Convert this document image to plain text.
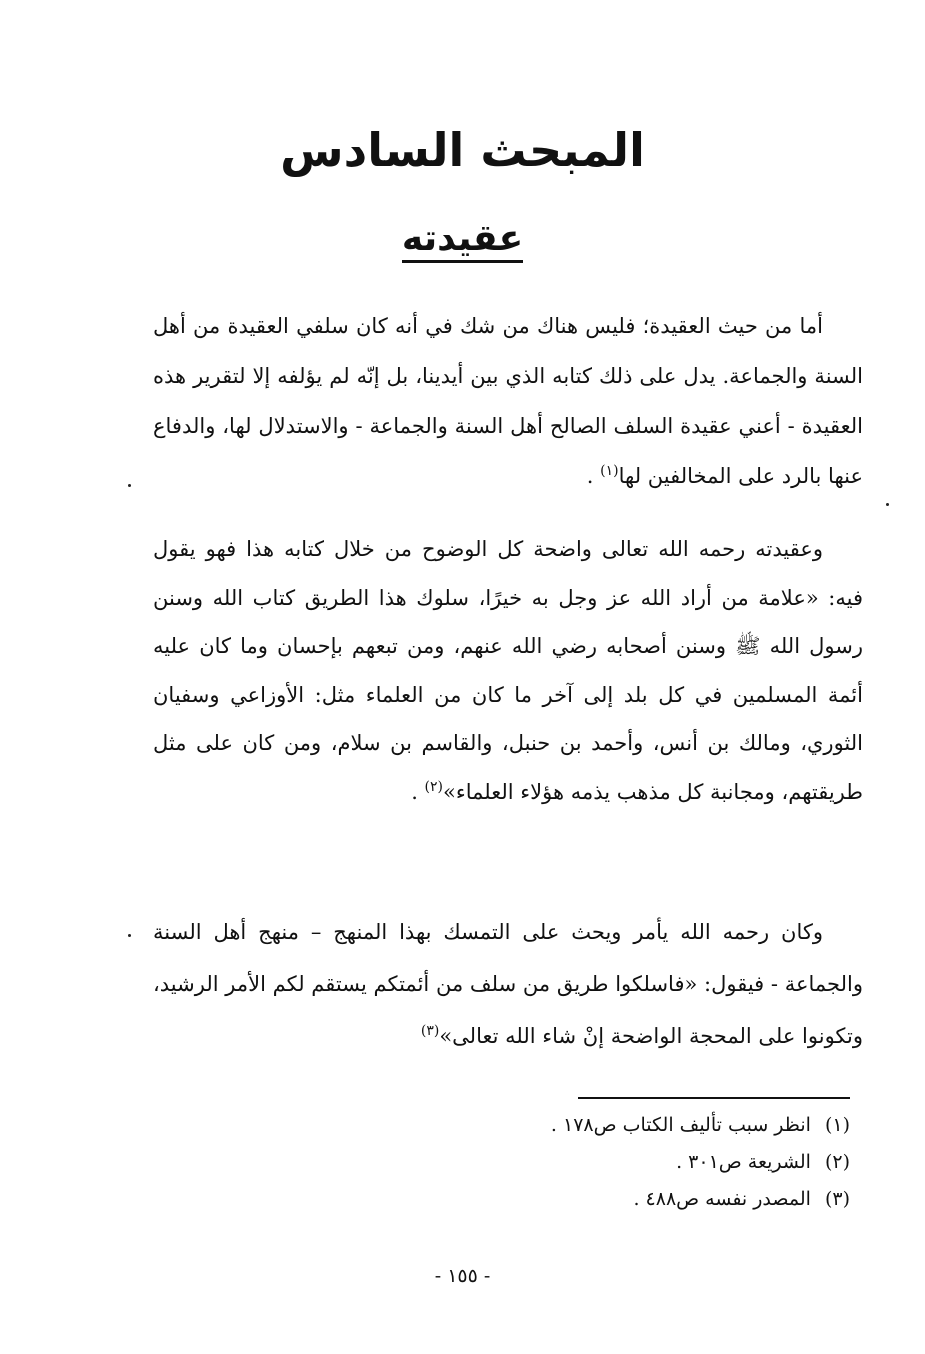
المبحث السادس
عقيدته

أما من حيث العقيدة؛ فليس هناك من شك في أنه كان سلفي العقيدة من أهل السنة والجماعة. يدل على ذلك كتابه الذي بين أيدينا، بل إنّه لم يؤلفه إلا لتقرير هذه العقيدة - أعني عقيدة السلف الصالح أهل السنة والجماعة - والاستدلال لها، والدفاع عنها بالرد على المخالفين لها$^{(١)}$ .

وعقيدته رحمه الله تعالى واضحة كل الوضوح من خلال كتابه هذا فهو يقول فيه: «علامة من أراد الله عز وجل به خيرًا، سلوك هذا الطريق كتاب الله وسنن رسول الله ﷺ وسنن أصحابه رضي الله عنهم، ومن تبعهم بإحسان وما كان عليه أئمة المسلمين في كل بلد إلى آخر ما كان من العلماء مثل: الأوزاعي وسفيان الثوري، ومالك بن أنس، وأحمد بن حنبل، والقاسم بن سلام، ومن كان على مثل طريقتهم، ومجانبة كل مذهب يذمه هؤلاء العلماء»$^{(٢)}$ .

وكان رحمه الله يأمر ويحث على التمسك بهذا المنهج – منهج أهل السنة والجماعة - فيقول: «فاسلكوا طريق من سلف من أئمتكم يستقم لكم الأمر الرشيد، وتكونوا على المحجة الواضحة إنْ شاء الله تعالى»$^{(٣)}$

(١)انظر سبب تأليف الكتاب ص١٧٨ .
(٢)الشريعة ص٣٠١ .
(٣)المصدر نفسه ص٤٨٨ .
- ١٥٥ -
